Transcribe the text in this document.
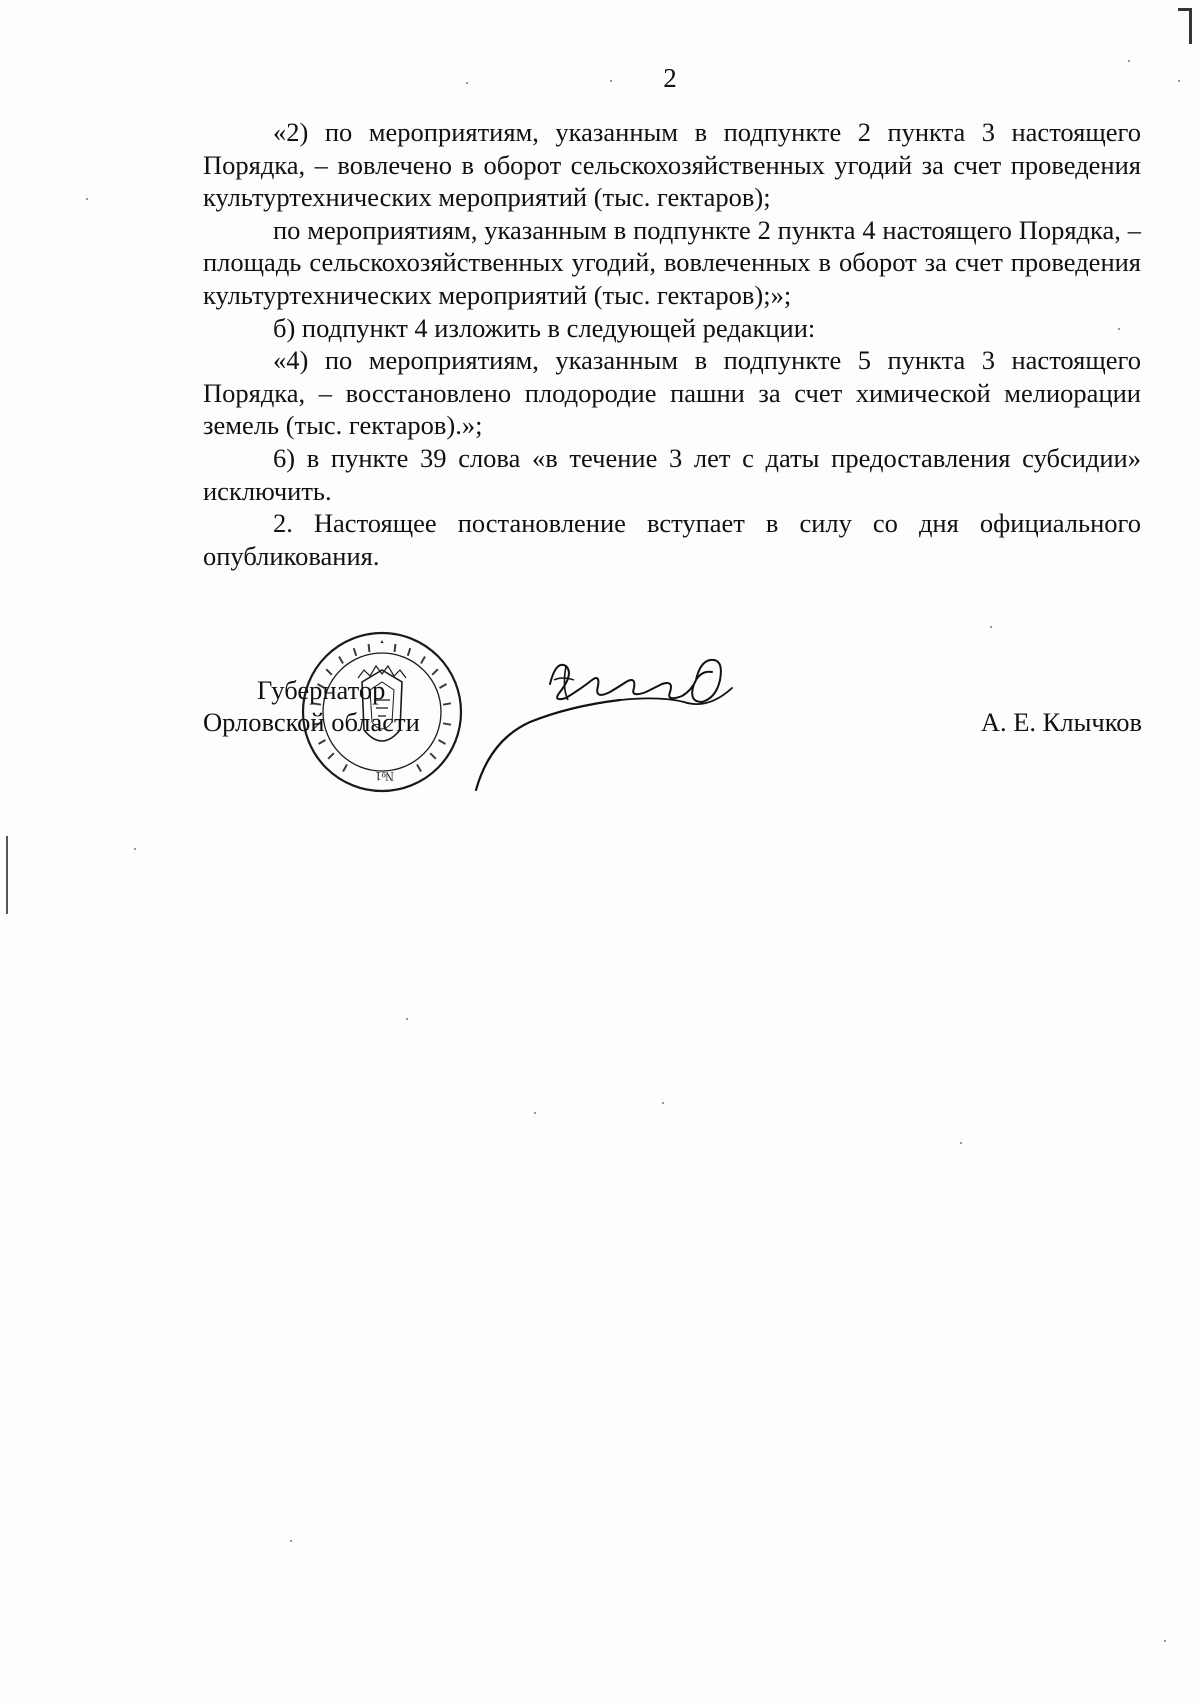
2

«2) по мероприятиям, указанным в подпункте 2 пункта 3 настоящего Порядка, – вовлечено в оборот сельскохозяйственных угодий за счет проведения культуртехнических мероприятий (тыс. гектаров);

по мероприятиям, указанным в подпункте 2 пункта 4 настоящего Порядка, – площадь сельскохозяйственных угодий, вовлеченных в оборот за счет проведения культуртехнических мероприятий (тыс. гектаров);»;

б) подпункт 4 изложить в следующей редакции:

«4) по мероприятиям, указанным в подпункте 5 пункта 3 настоящего Порядка, – восстановлено плодородие пашни за счет химической мелиорации земель (тыс. гектаров).»;

6) в пункте 39 слова «в течение 3 лет с даты предоставления субсидии» исключить.

2. Настоящее постановление вступает в силу со дня официального опубликования.

№1
Губернатор
Орловской области	А. Е. Клычков
